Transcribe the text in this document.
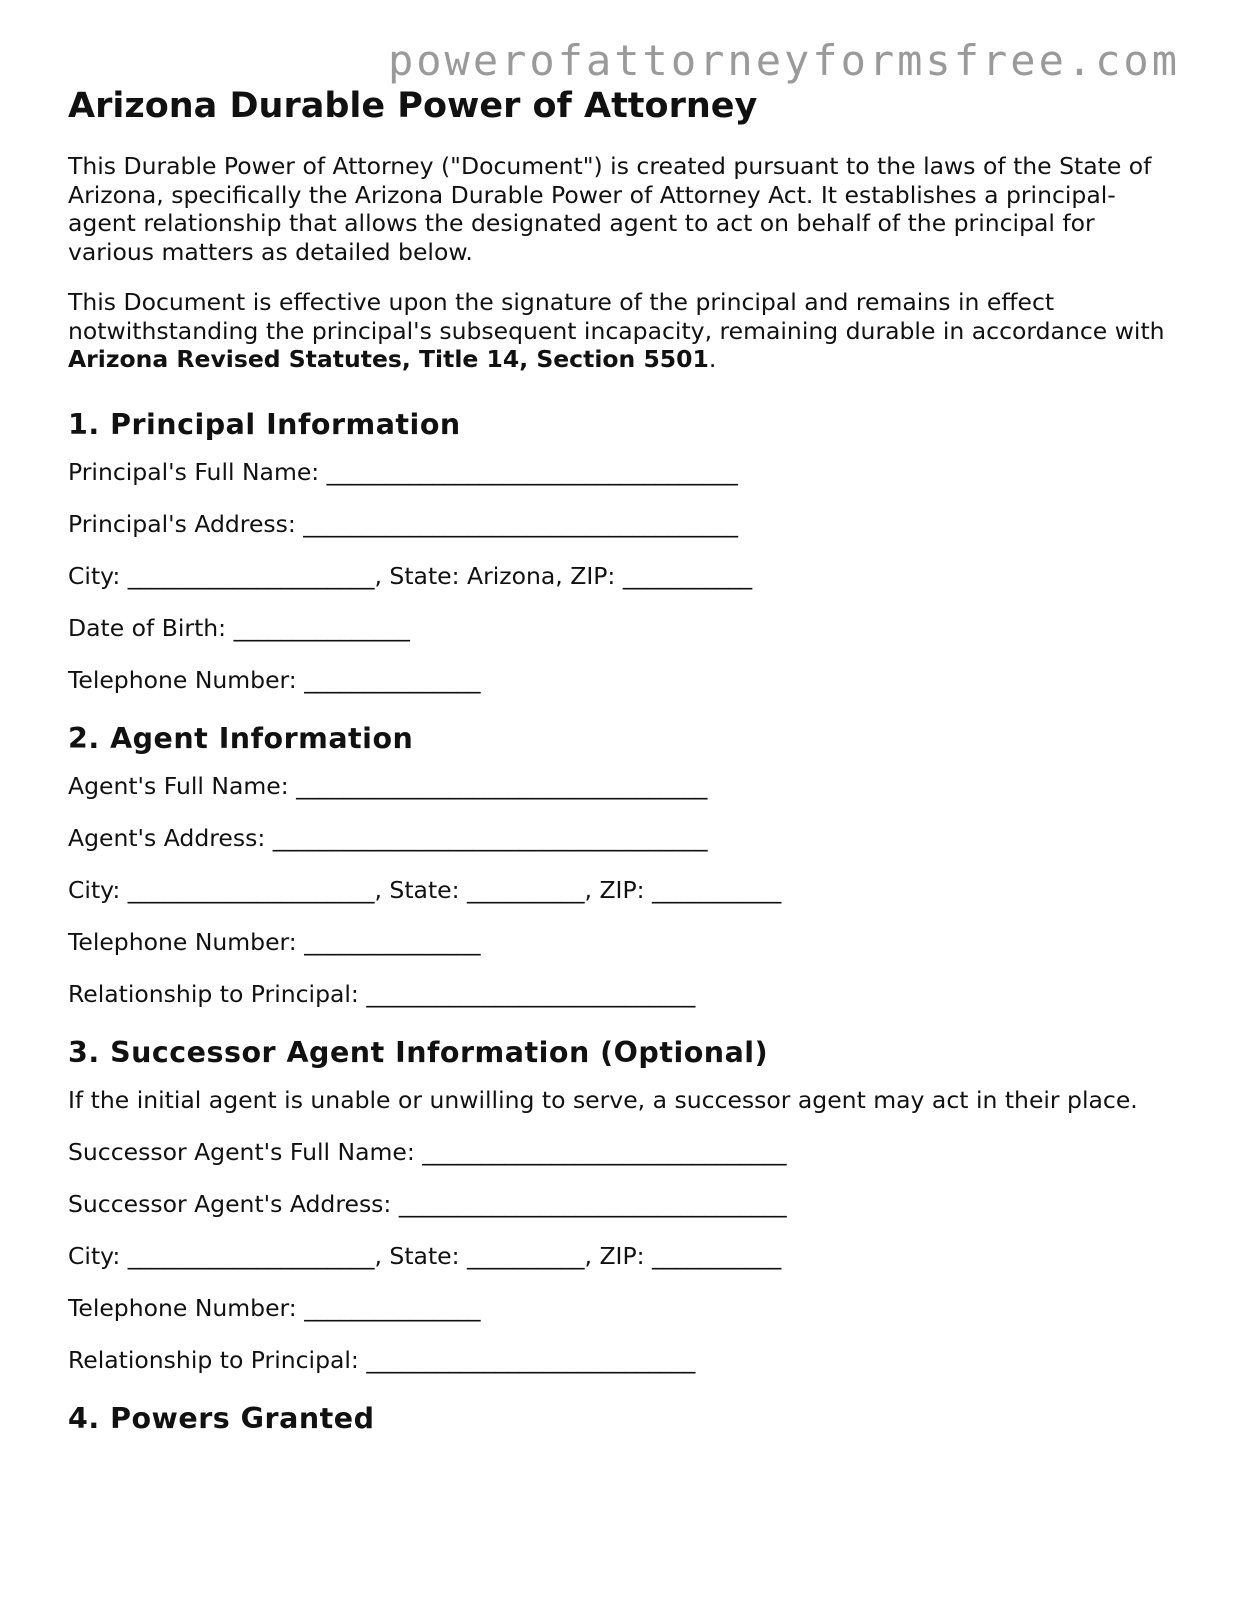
powerofattorneyformsfree.com
Arizona Durable Power of Attorney

This Durable Power of Attorney ("Document") is created pursuant to the laws of the State of Arizona, specifically the Arizona Durable Power of Attorney Act. It establishes a principal-agent relationship that allows the designated agent to act on behalf of the principal for various matters as detailed below.

This Document is effective upon the signature of the principal and remains in effect notwithstanding the principal's subsequent incapacity, remaining durable in accordance with Arizona Revised Statutes, Title 14, Section 5501.

1. Principal Information
Principal's Full Name: ___________________________________
Principal's Address: _____________________________________
City: _____________________, State: Arizona, ZIP: ___________
Date of Birth: _______________
Telephone Number: _______________
2. Agent Information
Agent's Full Name: ___________________________________
Agent's Address: _____________________________________
City: _____________________, State: __________, ZIP: ___________
Telephone Number: _______________
Relationship to Principal: ____________________________
3. Successor Agent Information (Optional)
If the initial agent is unable or unwilling to serve, a successor agent may act in their place.
Successor Agent's Full Name: _______________________________
Successor Agent's Address: _________________________________
City: _____________________, State: __________, ZIP: ___________
Telephone Number: _______________
Relationship to Principal: ____________________________
4. Powers Granted
